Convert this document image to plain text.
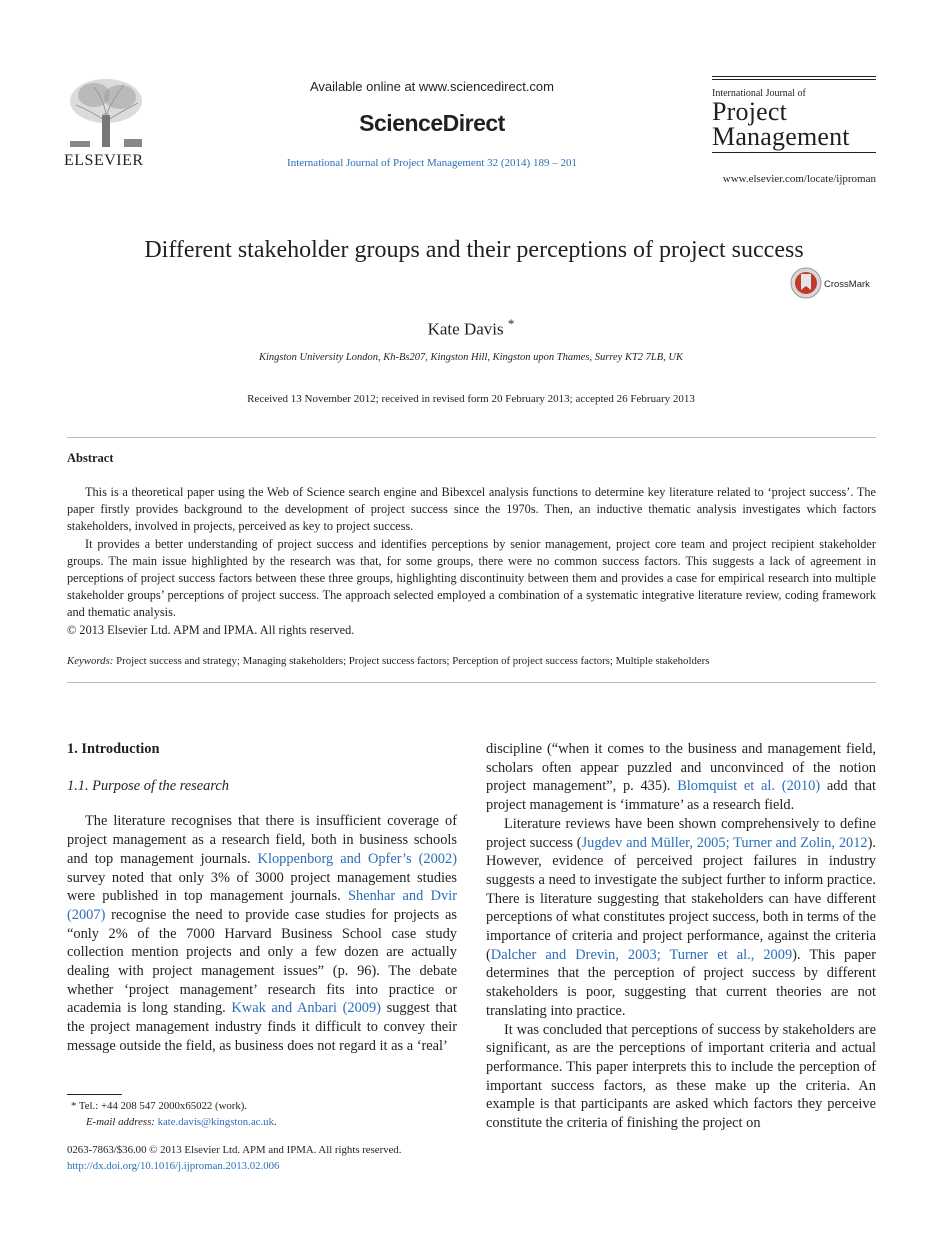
ELSEVIER
Available online at www.sciencedirect.com
ScienceDirect
International Journal of Project Management 32 (2014) 189 – 201
International Journal of
Project
Management
www.elsevier.com/locate/ijproman
Different stakeholder groups and their perceptions of project success
CrossMark
Kate Davis *
Kingston University London, Kh-Bs207, Kingston Hill, Kingston upon Thames, Surrey KT2 7LB, UK
Received 13 November 2012; received in revised form 20 February 2013; accepted 26 February 2013
Abstract

This is a theoretical paper using the Web of Science search engine and Bibexcel analysis functions to determine key literature related to ‘project success’. The paper firstly provides background to the development of project success since the 1970s. Then, an inductive thematic analysis investigates which factors stakeholders, involved in projects, perceived as key to project success.

It provides a better understanding of project success and identifies perceptions by senior management, project core team and project recipient stakeholder groups. The main issue highlighted by the research was that, for some groups, there were no common success factors. This suggests a lack of agreement in perceptions of project success factors between these three groups, highlighting discontinuity between them and provides a case for empirical research into multiple stakeholder groups’ perceptions of project success. The approach selected employed a combination of a systematic integrative literature review, coding framework and thematic analysis.

© 2013 Elsevier Ltd. APM and IPMA. All rights reserved.

Keywords: Project success and strategy; Managing stakeholders; Project success factors; Perception of project success factors; Multiple stakeholders
1. Introduction
1.1. Purpose of the research

The literature recognises that there is insufficient coverage of project management as a research field, both in business schools and top management journals. Kloppenborg and Opfer’s (2002) survey noted that only 3% of 3000 project management studies were published in top management journals. Shenhar and Dvir (2007) recognise the need to provide case studies for projects as “only 2% of the 7000 Harvard Business School case study collection mention projects and only a few dozen are actually dealing with project management issues” (p. 96). The debate whether ‘project management’ research fits into practice or academia is long standing. Kwak and Anbari (2009) suggest that the project management industry finds it difficult to convey their message outside the field, as business does not regard it as a ‘real’

discipline (“when it comes to the business and management field, scholars often appear puzzled and unconvinced of the notion project management”, p. 435). Blomquist et al. (2010) add that project management is ‘immature’ as a research field.

Literature reviews have been shown comprehensively to define project success (Jugdev and Müller, 2005; Turner and Zolin, 2012). However, evidence of perceived project failures in industry suggests a need to investigate the subject further to inform practice. There is literature suggesting that stakeholders can have different perceptions of what constitutes project success, both in terms of the importance of criteria and project performance, against the criteria (Dalcher and Drevin, 2003; Turner et al., 2009). This paper determines that the perception of project success by different stakeholders is poor, suggesting that current theories are not translating into practice.

It was concluded that perceptions of success by stakeholders are significant, as are the perceptions of important criteria and actual performance. This paper interprets this to include the perception of important success factors, as these make up the criteria. An example is that participants are asked which factors they perceive constitute the criteria of finishing the project on

* Tel.: +44 208 547 2000x65022 (work).
E-mail address: kate.davis@kingston.ac.uk.
0263-7863/$36.00 © 2013 Elsevier Ltd. APM and IPMA. All rights reserved.
http://dx.doi.org/10.1016/j.ijproman.2013.02.006
